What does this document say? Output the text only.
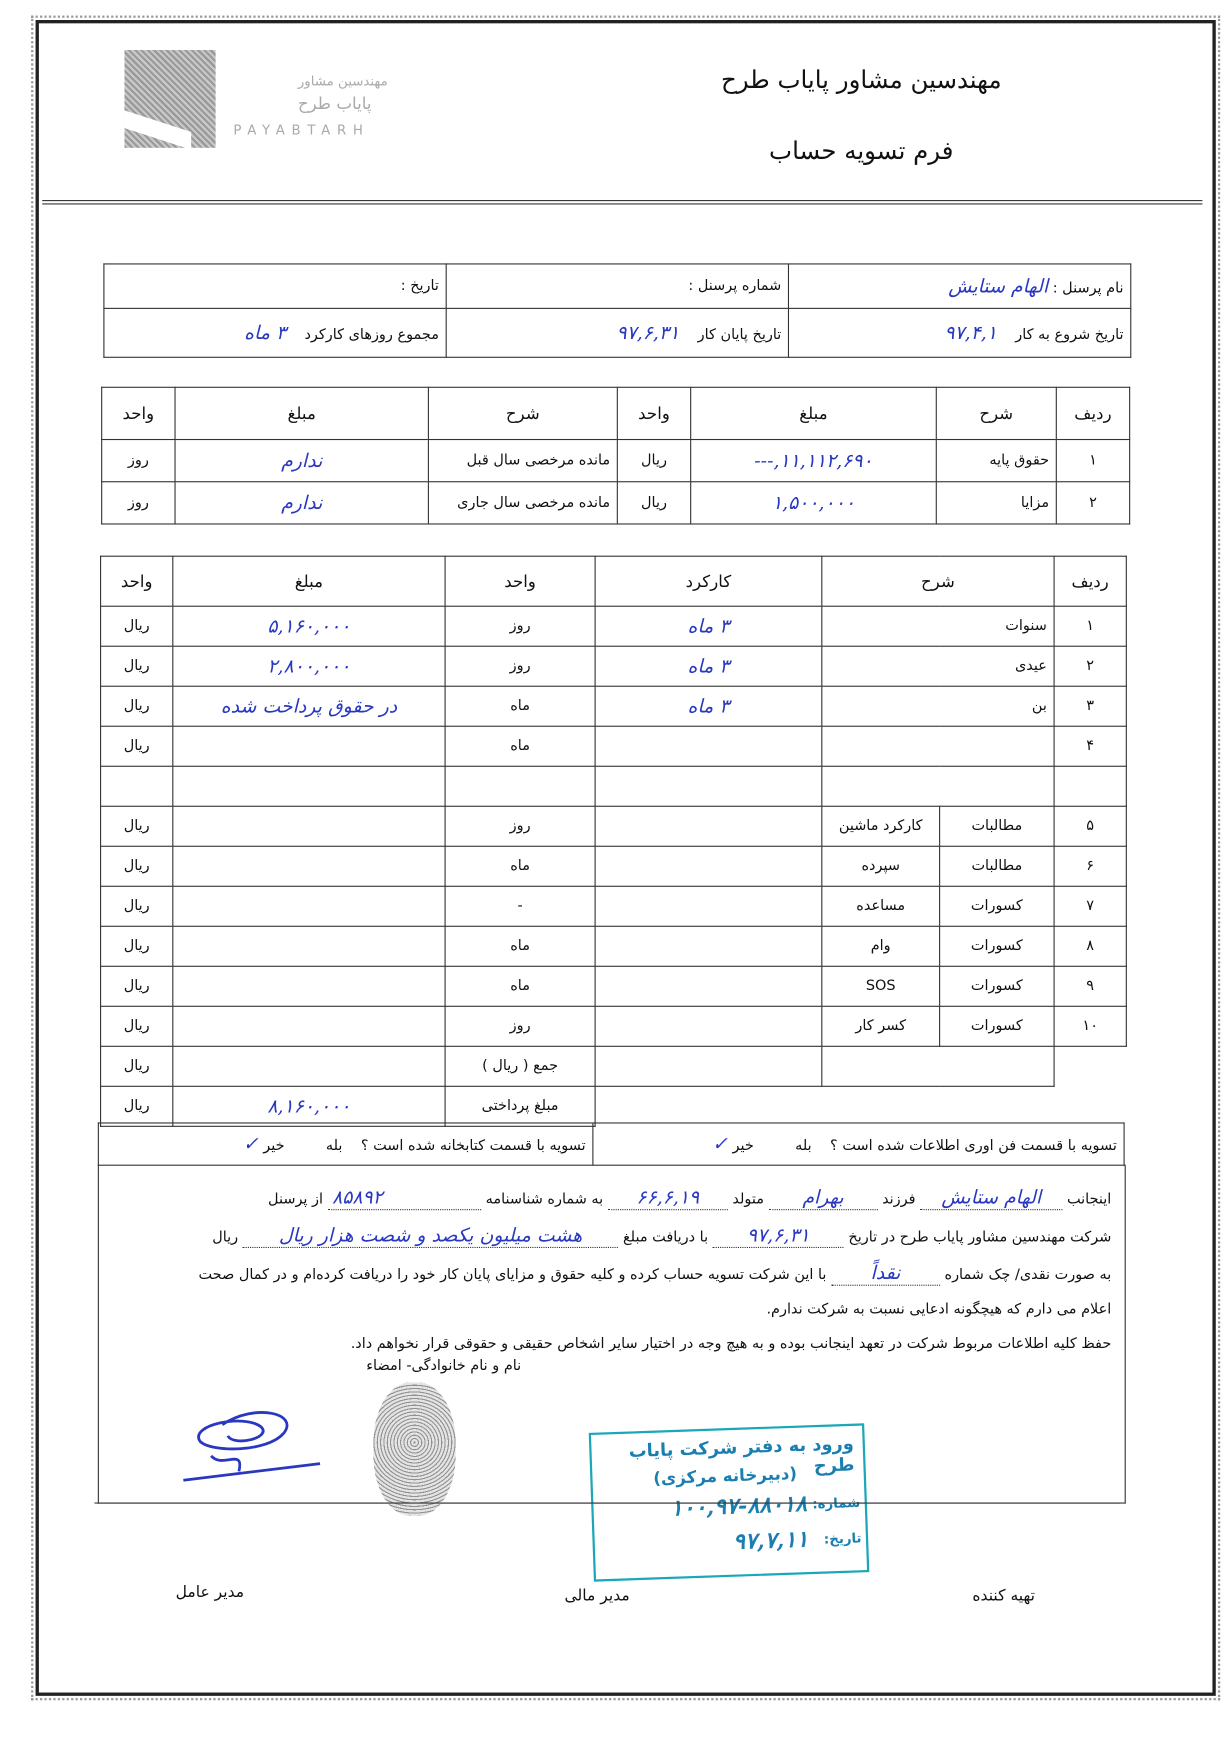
مهندسین مشاور
پایاب طرح
PAYABTARH
مهندسین مشاور پایاب طرح
فرم تسویه حساب
نام پرسنل : الهام ستایش	شماره پرسنل :	تاریخ :
تاریخ شروع به کار    ۹۷,۴,۱	تاریخ پایان کار    ۹۷,۶,۳۱	مجموع روزهای کارکرد    ۳ ماه
ردیف	شرح	مبلغ	واحد	شرح	مبلغ	واحد
۱	حقوق پایه	۱۱,۱۱۲,۶۹۰,---	ریال	مانده مرخصی سال قبل	ندارم	روز
۲	مزایا	۱,۵۰۰,۰۰۰	ریال	مانده مرخصی سال جاری	ندارم	روز
ردیف	شرح		کارکرد	واحد	مبلغ	واحد
۱	سنوات		۳ ماه	روز	۵,۱۶۰,۰۰۰	ریال
۲	عیدی		۳ ماه	روز	۲,۸۰۰,۰۰۰	ریال
۳	بن		۳ ماه	ماه	در حقوق پرداخت شده	ریال
۴				ماه		ریال

۵	مطالبات	کارکرد ماشین		روز		ریال
۶	مطالبات	سپرده		ماه		ریال
۷	کسورات	مساعده		-		ریال
۸	کسورات	وام		ماه		ریال
۹	کسورات	SOS		ماه		ریال
۱۰	کسورات	کسر کار		روز		ریال
				جمع ( ریال )		ریال
				مبلغ پرداختی	۸,۱۶۰,۰۰۰	ریال
تسویه با قسمت فن اوری اطلاعات شده است ؟    بله         خیر ✓	تسویه با قسمت کتابخانه شده است ؟    بله         خیر ✓
اینجانب الهام ستایش فرزند بهرام متولد ۶۶,۶,۱۹ به شماره شناسنامه ۸۵۸۹۲ از پرسنل
شرکت مهندسین مشاور پایاب طرح در تاریخ ۹۷,۶,۳۱ با دریافت مبلغ هشت میلیون یکصد و شصت هزار ریال ریال
به صورت نقدی/ چک شماره نقداً با این شرکت تسویه حساب کرده و کلیه حقوق و مزایای پایان کار خود را دریافت کرده‌ام و در کمال صحت
اعلام می دارم که هیچگونه ادعایی نسبت به شرکت ندارم.
حفظ کلیه اطلاعات مربوط شرکت در تعهد اینجانب بوده و به هیچ وجه در اختیار سایر اشخاص حقیقی و حقوقی قرار نخواهم داد.
نام و نام خانوادگی- امضاء
ورود به دفتر شرکت پایاب طرح
(دبیرخانه مرکزی)
شماره:
۱۰۰,۹۷-۸۸۰۱۸
تاریخ:
۹۷,۷,۱۱
مدیر عامل	مدیر مالی	تهیه کننده
